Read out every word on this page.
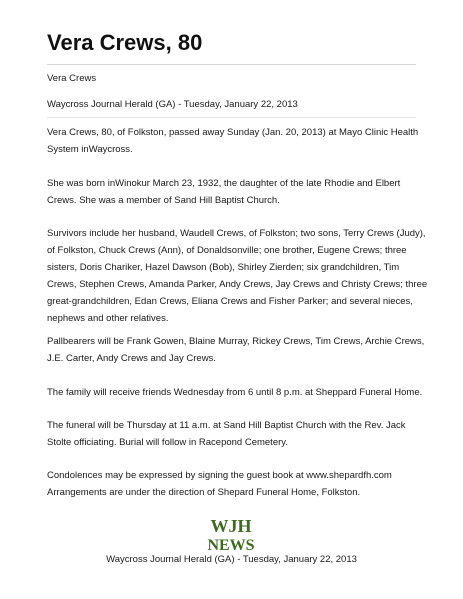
Vera Crews, 80

Vera Crews

Waycross Journal Herald (GA) - Tuesday, January 22, 2013

Vera Crews, 80, of Folkston, passed away Sunday (Jan. 20, 2013) at Mayo Clinic Health
System inWaycross.

She was born inWinokur March 23, 1932, the daughter of the late Rhodie and Elbert
Crews. She was a member of Sand Hill Baptist Church.

Survivors include her husband, Waudell Crews, of Folkston; two sons, Terry Crews (Judy),
of Folkston, Chuck Crews (Ann), of Donaldsonville; one brother, Eugene Crews; three
sisters, Doris Chariker, Hazel Dawson (Bob), Shirley Zierden; six grandchildren, Tim
Crews, Stephen Crews, Amanda Parker, Andy Crews, Jay Crews and Christy Crews; three
great-grandchildren, Edan Crews, Eliana Crews and Fisher Parker; and several nieces,
nephews and other relatives.

Pallbearers will be Frank Gowen, Blaine Murray, Rickey Crews, Tim Crews, Archie Crews,
J.E. Carter, Andy Crews and Jay Crews.

The family will receive friends Wednesday from 6 until 8 p.m. at Sheppard Funeral Home.

The funeral will be Thursday at 11 a.m. at Sand Hill Baptist Church with the Rev. Jack
Stolte officiating. Burial will follow in Racepond Cemetery.

Condolences may be expressed by signing the guest book at www.shepardfh.com
Arrangements are under the direction of Shepard Funeral Home, Folkston.

WJH
NEWS

Waycross Journal Herald (GA) - Tuesday, January 22, 2013
